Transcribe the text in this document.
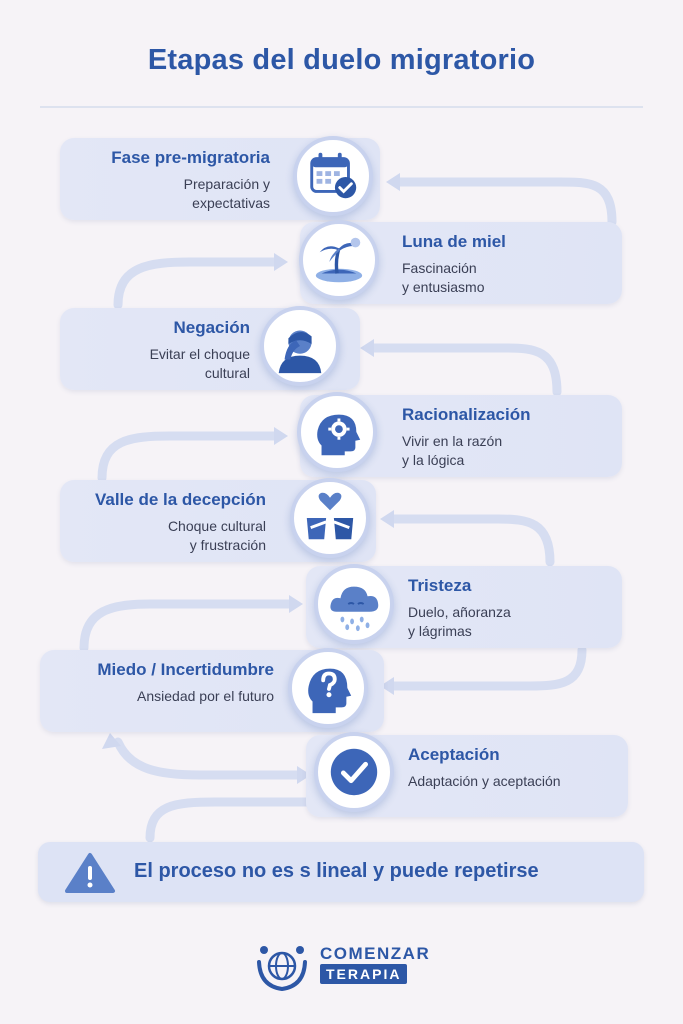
Etapas del duelo migratorio
Fase pre-migratoria
Preparación y
expectativas
Luna de miel
Fascinación
y entusiasmo
Negación
Evitar el choque
cultural
Racionalización
Vivir en la razón
y la lógica
Valle de la decepción
Choque cultural
y frustración
Tristeza
Duelo, añoranza
y lágrimas
Miedo / Incertidumbre
Ansiedad por el futuro
Aceptación
Adaptación y aceptación
El proceso no es s lineal y puede repetirse
COMENZAR
TERAPIA
